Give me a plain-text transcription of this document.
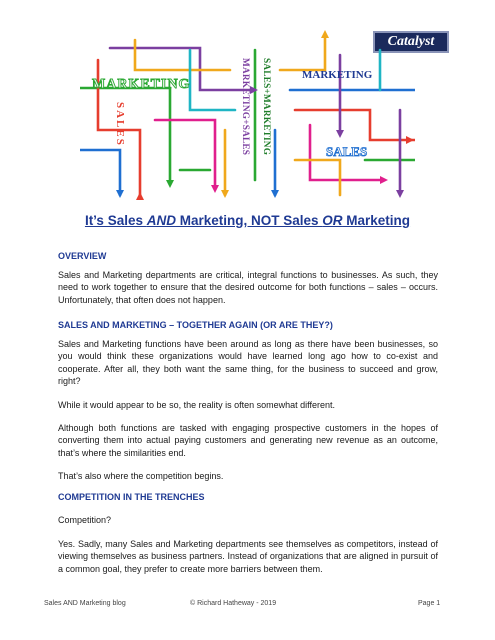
Catalyst
MARKETING
MARKETING
SALES
SALES	MARKETING+SALES SALES+MARKETING
It’s Sales AND Marketing, NOT Sales OR Marketing
OVERVIEW
Sales and Marketing departments are critical, integral functions to businesses. As such, they need to work together to ensure that the desired outcome for both functions – sales – occurs. Unfortunately, that often does not happen.
SALES AND MARKETING – TOGETHER AGAIN (OR ARE THEY?)
Sales and Marketing functions have been around as long as there have been businesses, so you would think these organizations would have learned long ago how to co-exist and cooperate. After all, they both want the same thing, for the business to succeed and grow, right?
While it would appear to be so, the reality is often somewhat different.
Although both functions are tasked with engaging prospective customers in the hopes of converting them into actual paying customers and generating new revenue as an outcome, that’s where the similarities end.
That’s also where the competition begins.
COMPETITION IN THE TRENCHES
Competition?
Yes. Sadly, many Sales and Marketing departments see themselves as competitors, instead of viewing themselves as business partners. Instead of organizations that are aligned in pursuit of a common goal, they prefer to create more barriers between them.
Sales AND Marketing blog	© Richard Hatheway - 2019	Page 1
